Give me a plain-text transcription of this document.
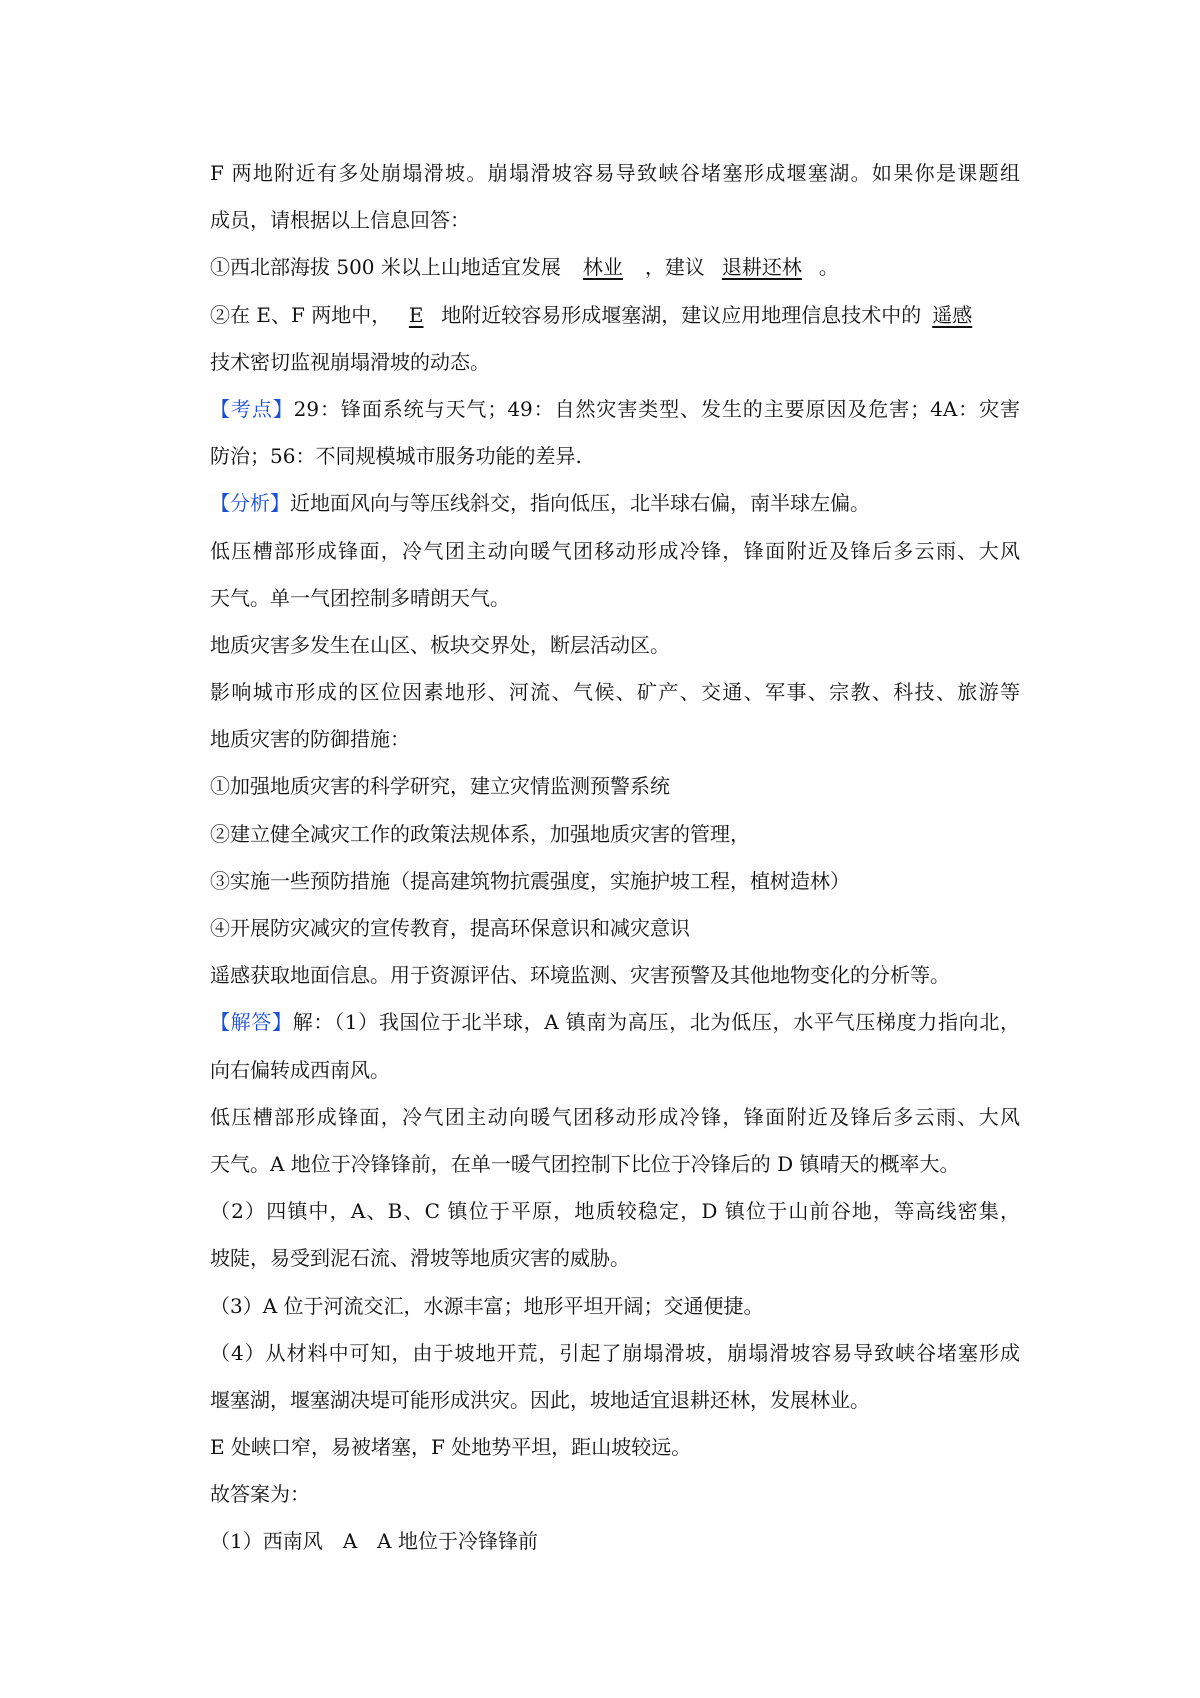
F 两地附近有多处崩塌滑坡。崩塌滑坡容易导致峡谷堵塞形成堰塞湖。如果你是课题组
成员，请根据以上信息回答：
①西北部海拔 500 米以上山地适宜发展 林业 ，建议 退耕还林 。
②在 E、F 两地中， E 地附近较容易形成堰塞湖，建议应用地理信息技术中的 遥感
技术密切监视崩塌滑坡的动态。
【考点】29：锋面系统与天气；49：自然灾害类型、发生的主要原因及危害；4A：灾害
防治；56：不同规模城市服务功能的差异.
【分析】近地面风向与等压线斜交，指向低压，北半球右偏，南半球左偏。
低压槽部形成锋面，冷气团主动向暖气团移动形成冷锋，锋面附近及锋后多云雨、大风
天气。单一气团控制多晴朗天气。
地质灾害多发生在山区、板块交界处，断层活动区。
影响城市形成的区位因素地形、河流、气候、矿产、交通、军事、宗教、科技、旅游等
地质灾害的防御措施：
①加强地质灾害的科学研究，建立灾情监测预警系统
②建立健全减灾工作的政策法规体系，加强地质灾害的管理，
③实施一些预防措施（提高建筑物抗震强度，实施护坡工程，植树造林）
④开展防灾减灾的宣传教育，提高环保意识和减灾意识
遥感获取地面信息。用于资源评估、环境监测、灾害预警及其他地物变化的分析等。
【解答】解：（1）我国位于北半球，A 镇南为高压，北为低压，水平气压梯度力指向北，
向右偏转成西南风。
低压槽部形成锋面，冷气团主动向暖气团移动形成冷锋，锋面附近及锋后多云雨、大风
天气。A 地位于冷锋锋前，在单一暖气团控制下比位于冷锋后的 D 镇晴天的概率大。
（2）四镇中，A、B、C 镇位于平原，地质较稳定，D 镇位于山前谷地，等高线密集，
坡陡，易受到泥石流、滑坡等地质灾害的威胁。
（3）A 位于河流交汇，水源丰富；地形平坦开阔；交通便捷。
（4）从材料中可知，由于坡地开荒，引起了崩塌滑坡，崩塌滑坡容易导致峡谷堵塞形成
堰塞湖，堰塞湖决堤可能形成洪灾。因此，坡地适宜退耕还林，发展林业。
E 处峡口窄，易被堵塞，F 处地势平坦，距山坡较远。
故答案为：
（1）西南风　A　A 地位于冷锋锋前
